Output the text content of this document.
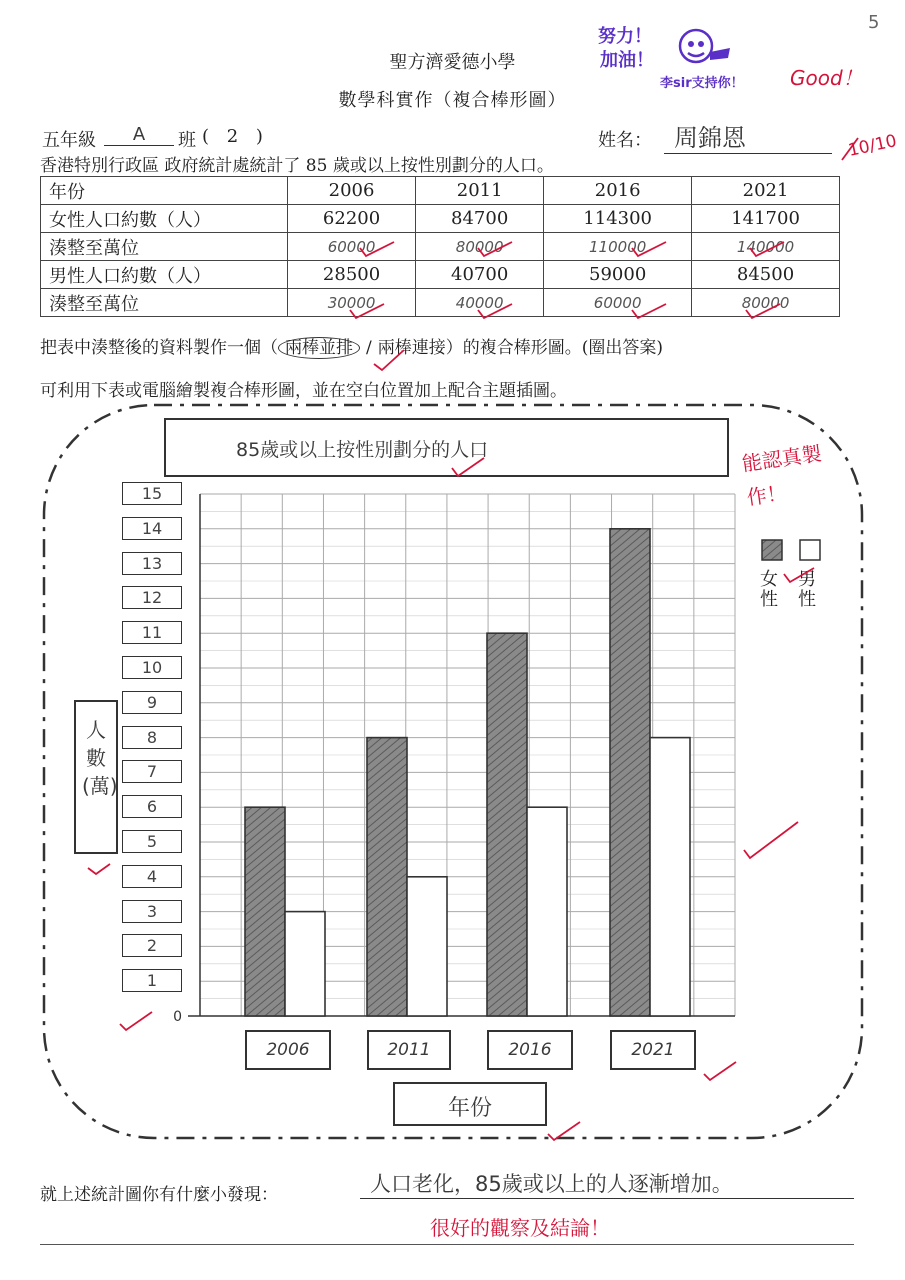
5
聖方濟愛德小學
數學科實作（複合棒形圖）
努力！
加油！
李sir支持你！ Good！
10/10
五年級	A	班 ( 2 )	姓名： 周錦恩
香港特別行政區 政府統計處統計了 85 歲或以上按性別劃分的人口。
年份	2006	2011	2016	2021
女性人口約數（人）	62200	84700	114300	141700
湊整至萬位	60000	80000	110000	140000
男性人口約數（人）	28500	40700	59000	84500
湊整至萬位	30000	40000	60000	80000
把表中湊整後的資料製作一個（ 兩棒並排 / 兩棒連接）的複合棒形圖。(圈出答案)
可利用下表或電腦繪製複合棒形圖，並在空白位置加上配合主題插圖。
85歲或以上按性別劃分的人口	能認真製作！
人數(萬)
0
1
2
3
4
5
6
7
8
9
10
11
12
13
14
15
2006	2011	2016	2021
女性
男性
年份
就上述統計圖你有什麼小發現：	人口老化，85歲或以上的人逐漸增加。
很好的觀察及結論！
